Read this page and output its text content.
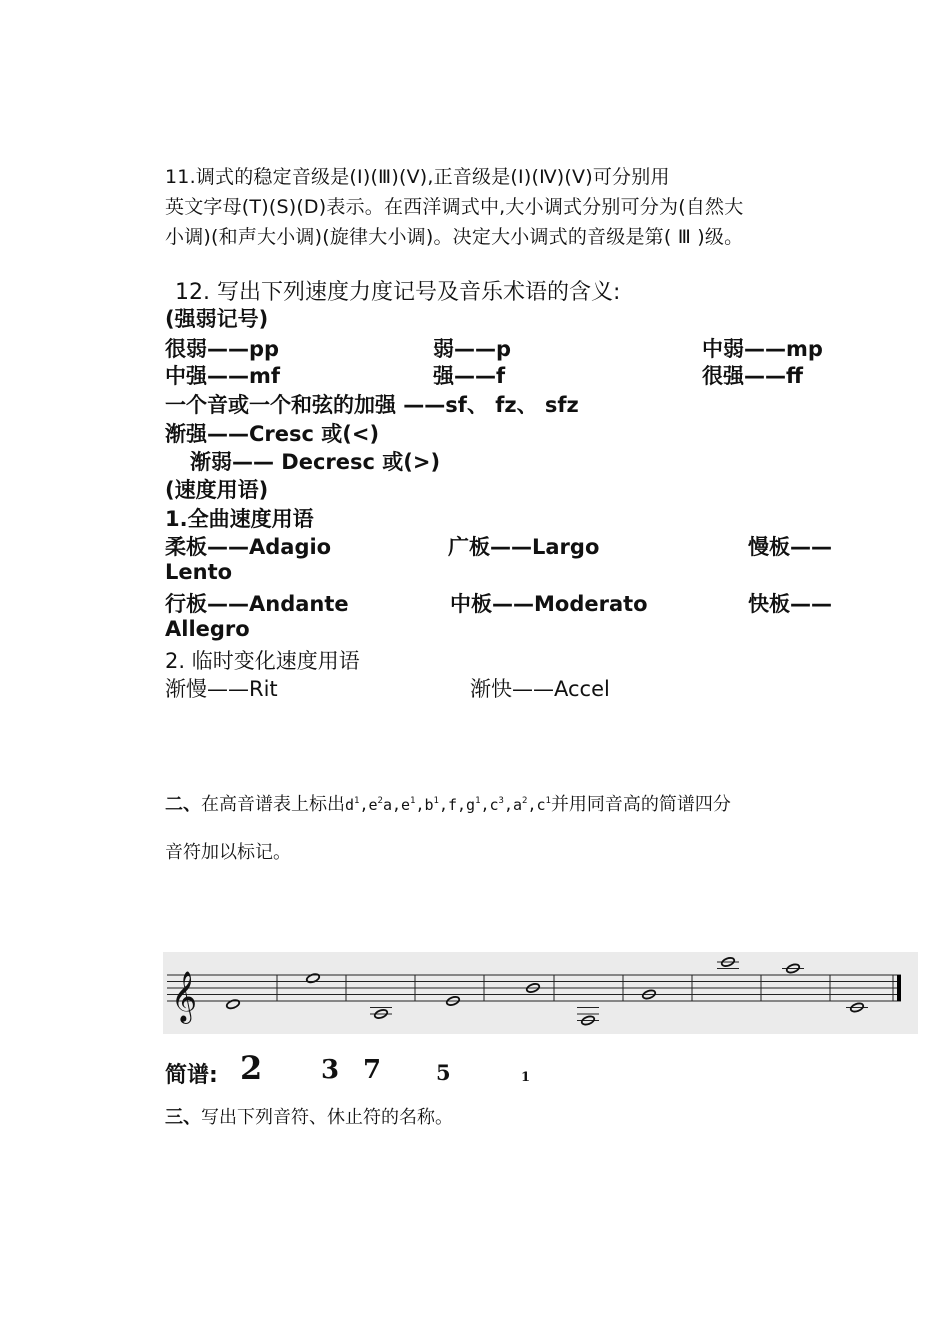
11.调式的稳定音级是(Ⅰ)(Ⅲ)(Ⅴ),正音级是(Ⅰ)(Ⅳ)(Ⅴ)可分别用
英文字母(T)(S)(D)表示。在西洋调式中,大小调式分别可分为(自然大
小调)(和声大小调)(旋律大小调)。决定大小调式的音级是第( Ⅲ )级。
12. 写出下列速度力度记号及音乐术语的含义:
(强弱记号)
很弱——pp	弱——p	中弱——mp
中强——mf	强——f	很强——ff
一个音或一个和弦的加强 ——sf、 fz、 sfz
渐强——Cresc 或(<)
渐弱—— Decresc 或(>)
(速度用语)
1.全曲速度用语
柔板——Adagio	广板——Largo	慢板——
Lento
行板——Andante	中板——Moderato	快板——
Allegro
2. 临时变化速度用语
渐慢——Rit	渐快——Accel
二、在高音谱表上标出$d^1,e^2a,e^1,b^1,f,g^1,c^3,a^2,c^1$并用同音高的简谱四分
音符加以标记。
𝄞
简谱: 2 3 7	5	1
三、写出下列音符、休止符的名称。
